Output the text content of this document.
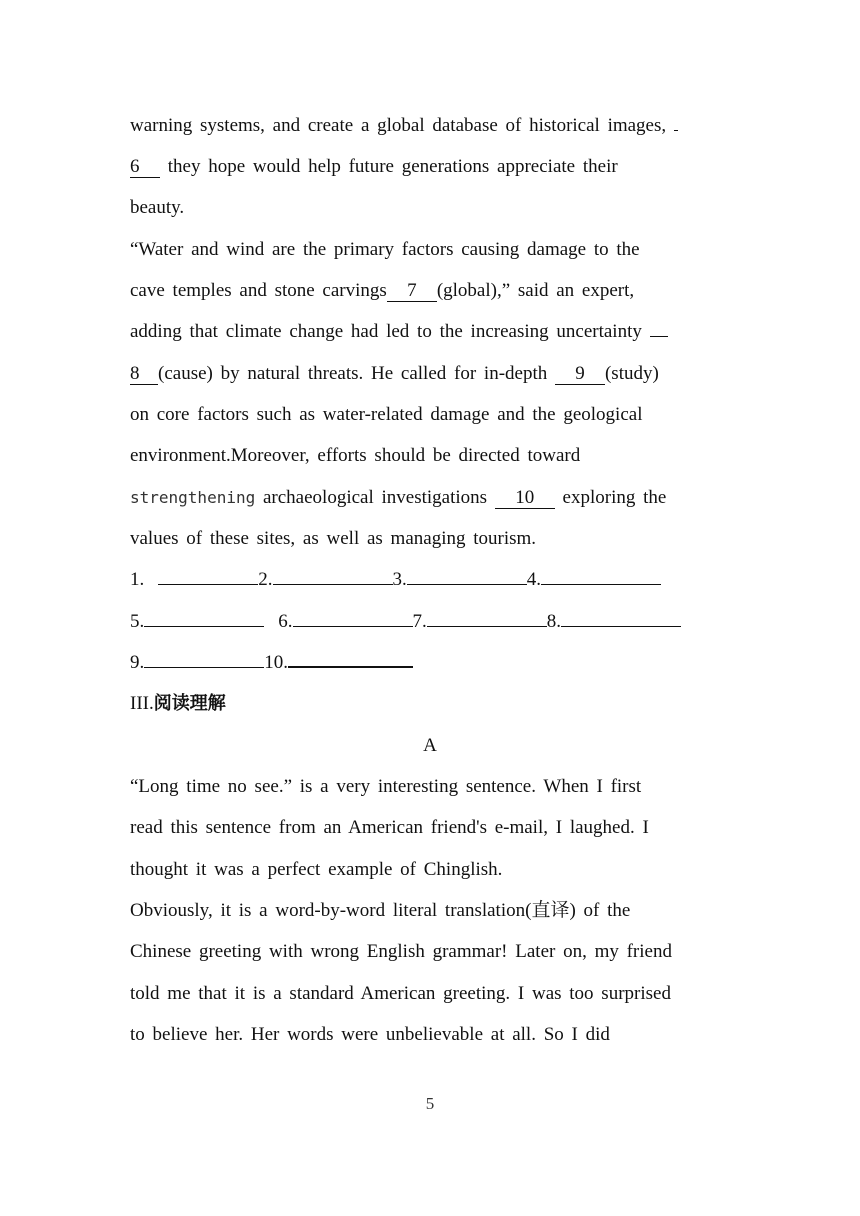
warning systems, and create a global database of historical images,
6 they hope would help future generations appreciate their
beauty.
“Water and wind are the primary factors causing damage to the
cave temples and stone carvings 7 (global),” said an expert,
adding that climate change had led to the increasing uncertainty
8 (cause) by natural threats. He called for in-depth 9 (study)
on core factors such as water-related damage and the geological
environment.Moreover, efforts should be directed toward
strengthening archaeological investigations 10 exploring the
values of these sites, as well as managing tourism.
1.	2.	3.	4.
5.	6.	7.	8.
9.	10.
III.阅读理解
A
“Long time no see.” is a very interesting sentence. When I first
read this sentence from an American friend's e-mail, I laughed. I
thought it was a perfect example of Chinglish.
Obviously, it is a word-by-word literal translation(直译) of the
Chinese greeting with wrong English grammar! Later on, my friend
told me that it is a standard American greeting. I was too surprised
to believe her. Her words were unbelievable at all. So I did
5
